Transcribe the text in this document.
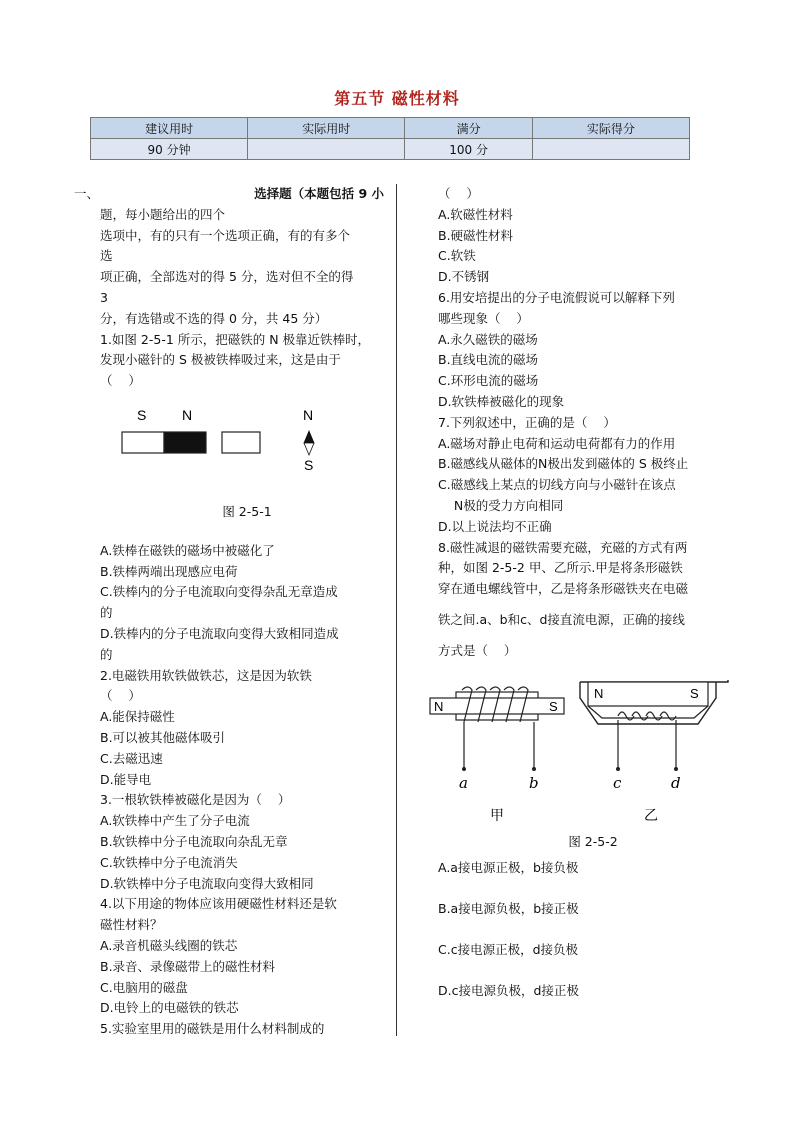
第五节 磁性材料
建议用时	实际用时	满分	实际得分
90 分钟		100 分	
一、	选择题（本题包括 9 小

题，每小题给出的四个

选项中，有的只有一个选项正确，有的有多个

选

项正确，全部选对的得 5 分，选对但不全的得

3

分，有选错或不选的得 0 分，共 45 分）

1.如图 2-5-1 所示，把磁铁的 N 极靠近铁棒时，

发现小磁针的 S 极被铁棒吸过来，这是由于

（    ）

S	N	N
S

图 2-5-1

A.铁棒在磁铁的磁场中被磁化了

B.铁棒两端出现感应电荷

C.铁棒内的分子电流取向变得杂乱无章造成

的

D.铁棒内的分子电流取向变得大致相同造成

的

2.电磁铁用软铁做铁芯，这是因为软铁

（    ）

A.能保持磁性

B.可以被其他磁体吸引

C.去磁迅速

D.能导电

3.一根软铁棒被磁化是因为（    ）

A.软铁棒中产生了分子电流

B.软铁棒中分子电流取向杂乱无章

C.软铁棒中分子电流消失

D.软铁棒中分子电流取向变得大致相同

4.以下用途的物体应该用硬磁性材料还是软

磁性材料？

A.录音机磁头线圈的铁芯

B.录音、录像磁带上的磁性材料

C.电脑用的磁盘

D.电铃上的电磁铁的铁芯

5.实验室里用的磁铁是用什么材料制成的

（    ）

A.软磁性材料

B.硬磁性材料

C.软铁

D.不锈钢

6.用安培提出的分子电流假说可以解释下列

哪些现象（    ）

A.永久磁铁的磁场

B.直线电流的磁场

C.环形电流的磁场

D.软铁棒被磁化的现象

7.下列叙述中，正确的是（    ）

A.磁场对静止电荷和运动电荷都有力的作用

B.磁感线从磁体的N极出发到磁体的 S 极终止

C.磁感线上某点的切线方向与小磁针在该点

N极的受力方向相同

D.以上说法均不正确

8.磁性减退的磁铁需要充磁，充磁的方式有两

种，如图 2-5-2 甲、乙所示.甲是将条形磁铁

穿在通电螺线管中，乙是将条形磁铁夹在电磁

铁之间.a、b和c、d接直流电源，正确的接线

方式是（    ）

N	S
a	b
甲
N	S
c	d
乙

图 2-5-2

A.a接电源正极，b接负极

B.a接电源负极，b接正极

C.c接电源正极，d接负极

D.c接电源负极，d接正极
